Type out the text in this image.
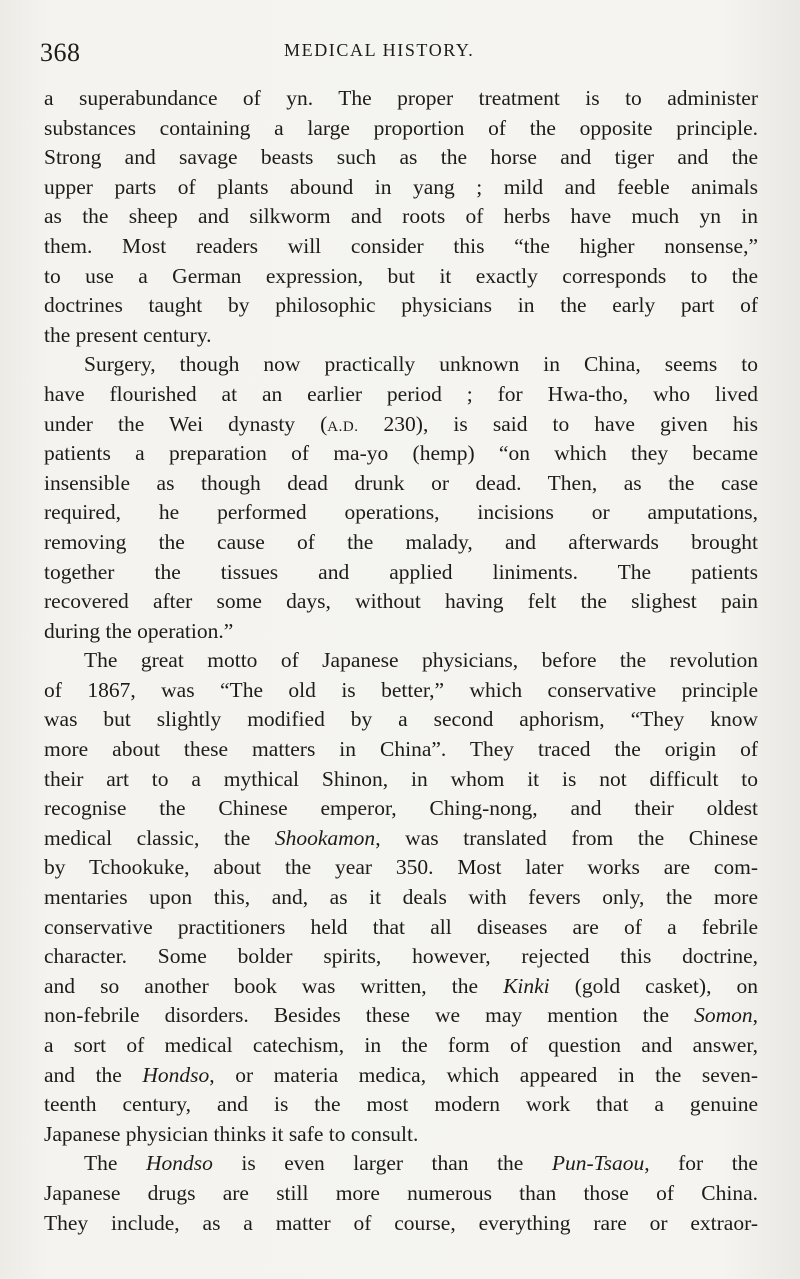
368	MEDICAL HISTORY.
a superabundance of yn. The proper treatment is to administer
substances containing a large proportion of the opposite principle.
Strong and savage beasts such as the horse and tiger and the
upper parts of plants abound in yang ; mild and feeble animals
as the sheep and silkworm and roots of herbs have much yn in
them. Most readers will consider this “the higher nonsense,”
to use a German expression, but it exactly corresponds to the
doctrines taught by philosophic physicians in the early part of
the present century.
Surgery, though now practically unknown in China, seems to
have flourished at an earlier period ; for Hwa-tho, who lived
under the Wei dynasty (A.D. 230), is said to have given his
patients a preparation of ma-yo (hemp) “on which they became
insensible as though dead drunk or dead. Then, as the case
required, he performed operations, incisions or amputations,
removing the cause of the malady, and afterwards brought
together the tissues and applied liniments. The patients
recovered after some days, without having felt the slighest pain
during the operation.”
The great motto of Japanese physicians, before the revolution
of 1867, was “The old is better,” which conservative principle
was but slightly modified by a second aphorism, “They know
more about these matters in China”. They traced the origin of
their art to a mythical Shinon, in whom it is not difficult to
recognise the Chinese emperor, Ching-nong, and their oldest
medical classic, the Shookamon, was translated from the Chinese
by Tchookuke, about the year 350. Most later works are com-
mentaries upon this, and, as it deals with fevers only, the more
conservative practitioners held that all diseases are of a febrile
character. Some bolder spirits, however, rejected this doctrine,
and so another book was written, the Kinki (gold casket), on
non-febrile disorders. Besides these we may mention the Somon,
a sort of medical catechism, in the form of question and answer,
and the Hondso, or materia medica, which appeared in the seven-
teenth century, and is the most modern work that a genuine
Japanese physician thinks it safe to consult.
The Hondso is even larger than the Pun-Tsaou, for the
Japanese drugs are still more numerous than those of China.
They include, as a matter of course, everything rare or extraor-
